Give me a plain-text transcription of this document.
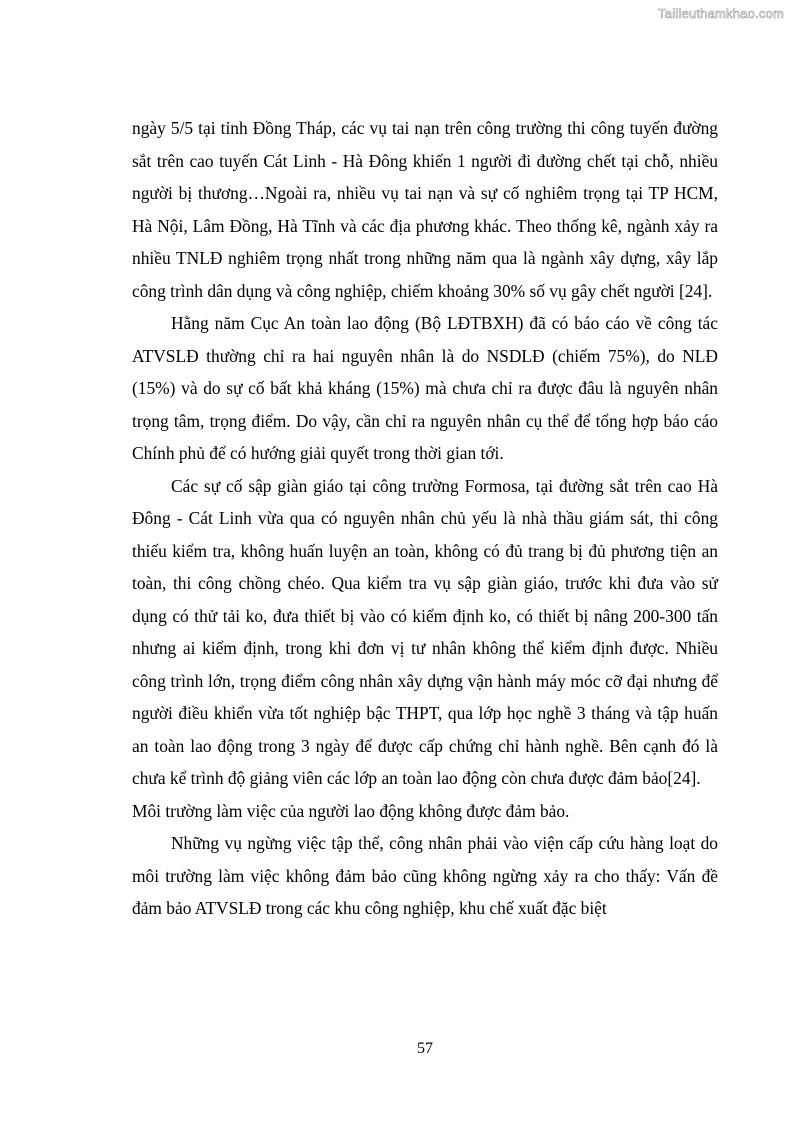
Tailieuthamkhao.com

ngày 5/5 tại tỉnh Đồng Tháp, các vụ tai nạn trên công trường thi công tuyến đường sắt trên cao tuyến Cát Linh - Hà Đông khiến 1 người đi đường chết tại chỗ, nhiều người bị thương…Ngoài ra, nhiều vụ tai nạn và sự cố nghiêm trọng tại TP HCM, Hà Nội, Lâm Đồng, Hà Tĩnh và các địa phương khác. Theo thống kê, ngành xảy ra nhiều TNLĐ nghiêm trọng nhất trong những năm qua là ngành xây dựng, xây lắp công trình dân dụng và công nghiệp, chiếm khoảng 30% số vụ gây chết người [24].

Hằng năm Cục An toàn lao động (Bộ LĐTBXH) đã có báo cáo về công tác ATVSLĐ thường chỉ ra hai nguyên nhân là do NSDLĐ (chiếm 75%), do NLĐ (15%) và do sự cố bất khả kháng (15%) mà chưa chỉ ra được đâu là nguyên nhân trọng tâm, trọng điểm. Do vậy, cần chỉ ra nguyên nhân cụ thể để tổng hợp báo cáo Chính phủ để có hướng giải quyết trong thời gian tới.

Các sự cố sập giàn giáo tại công trường Formosa, tại đường sắt trên cao Hà Đông - Cát Linh vừa qua có nguyên nhân chủ yếu là nhà thầu giám sát, thi công thiếu kiểm tra, không huấn luyện an toàn, không có đủ trang bị đủ phương tiện an toàn, thi công chồng chéo. Qua kiểm tra vụ sập giàn giáo, trước khi đưa vào sử dụng có thử tải ko, đưa thiết bị vào có kiểm định ko, có thiết bị nâng 200-300 tấn nhưng ai kiểm định, trong khi đơn vị tư nhân không thể kiểm định được. Nhiều công trình lớn, trọng điểm công nhân xây dựng vận hành máy móc cỡ đại nhưng để người điều khiển vừa tốt nghiệp bậc THPT, qua lớp học nghề 3 tháng và tập huấn an toàn lao động trong 3 ngày để được cấp chứng chỉ hành nghề. Bên cạnh đó là chưa kể trình độ giảng viên các lớp an toàn lao động còn chưa được đảm bảo[24].

Môi trường làm việc của người lao động không được đảm bảo.

Những vụ ngừng việc tập thể, công nhân phải vào viện cấp cứu hàng loạt do môi trường làm việc không đảm bảo cũng không ngừng xảy ra cho thấy: Vấn đề đảm bảo ATVSLĐ trong các khu công nghiệp, khu chế xuất đặc biệt

57
